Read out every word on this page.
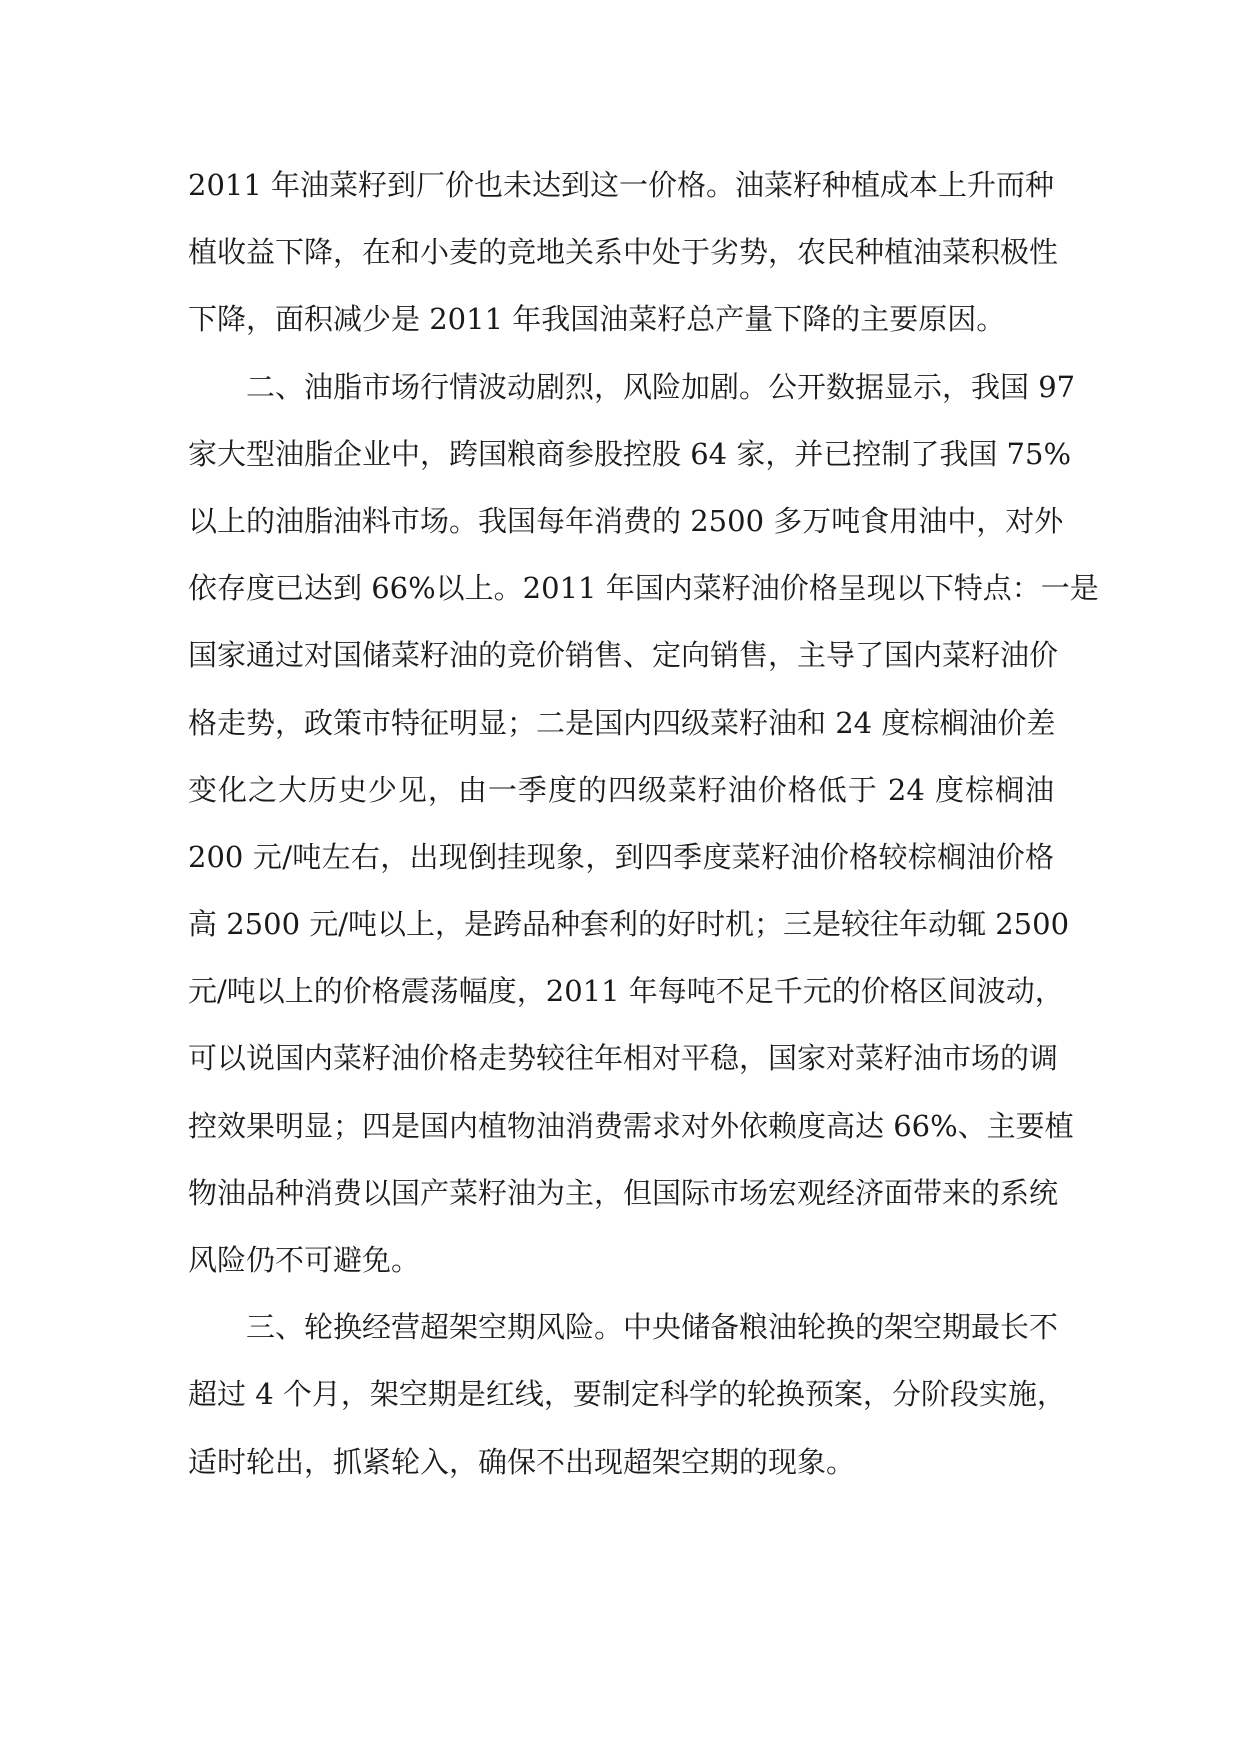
2011 年油菜籽到厂价也未达到这一价格。油菜籽种植成本上升而种
植收益下降，在和小麦的竞地关系中处于劣势，农民种植油菜积极性
下降，面积减少是 2011 年我国油菜籽总产量下降的主要原因。
二、油脂市场行情波动剧烈，风险加剧。公开数据显示，我国 97
家大型油脂企业中，跨国粮商参股控股 64 家，并已控制了我国 75%
以上的油脂油料市场。我国每年消费的 2500 多万吨食用油中，对外
依存度已达到 66%以上。2011 年国内菜籽油价格呈现以下特点：一是
国家通过对国储菜籽油的竞价销售、定向销售，主导了国内菜籽油价
格走势，政策市特征明显；二是国内四级菜籽油和 24 度棕榈油价差
变化之大历史少见，由一季度的四级菜籽油价格低于 24 度棕榈油
200 元/吨左右，出现倒挂现象，到四季度菜籽油价格较棕榈油价格
高 2500 元/吨以上，是跨品种套利的好时机；三是较往年动辄 2500
元/吨以上的价格震荡幅度，2011 年每吨不足千元的价格区间波动，
可以说国内菜籽油价格走势较往年相对平稳，国家对菜籽油市场的调
控效果明显；四是国内植物油消费需求对外依赖度高达 66%、主要植
物油品种消费以国产菜籽油为主，但国际市场宏观经济面带来的系统
风险仍不可避免。
三、轮换经营超架空期风险。中央储备粮油轮换的架空期最长不
超过 4 个月，架空期是红线，要制定科学的轮换预案，分阶段实施，
适时轮出，抓紧轮入，确保不出现超架空期的现象。
